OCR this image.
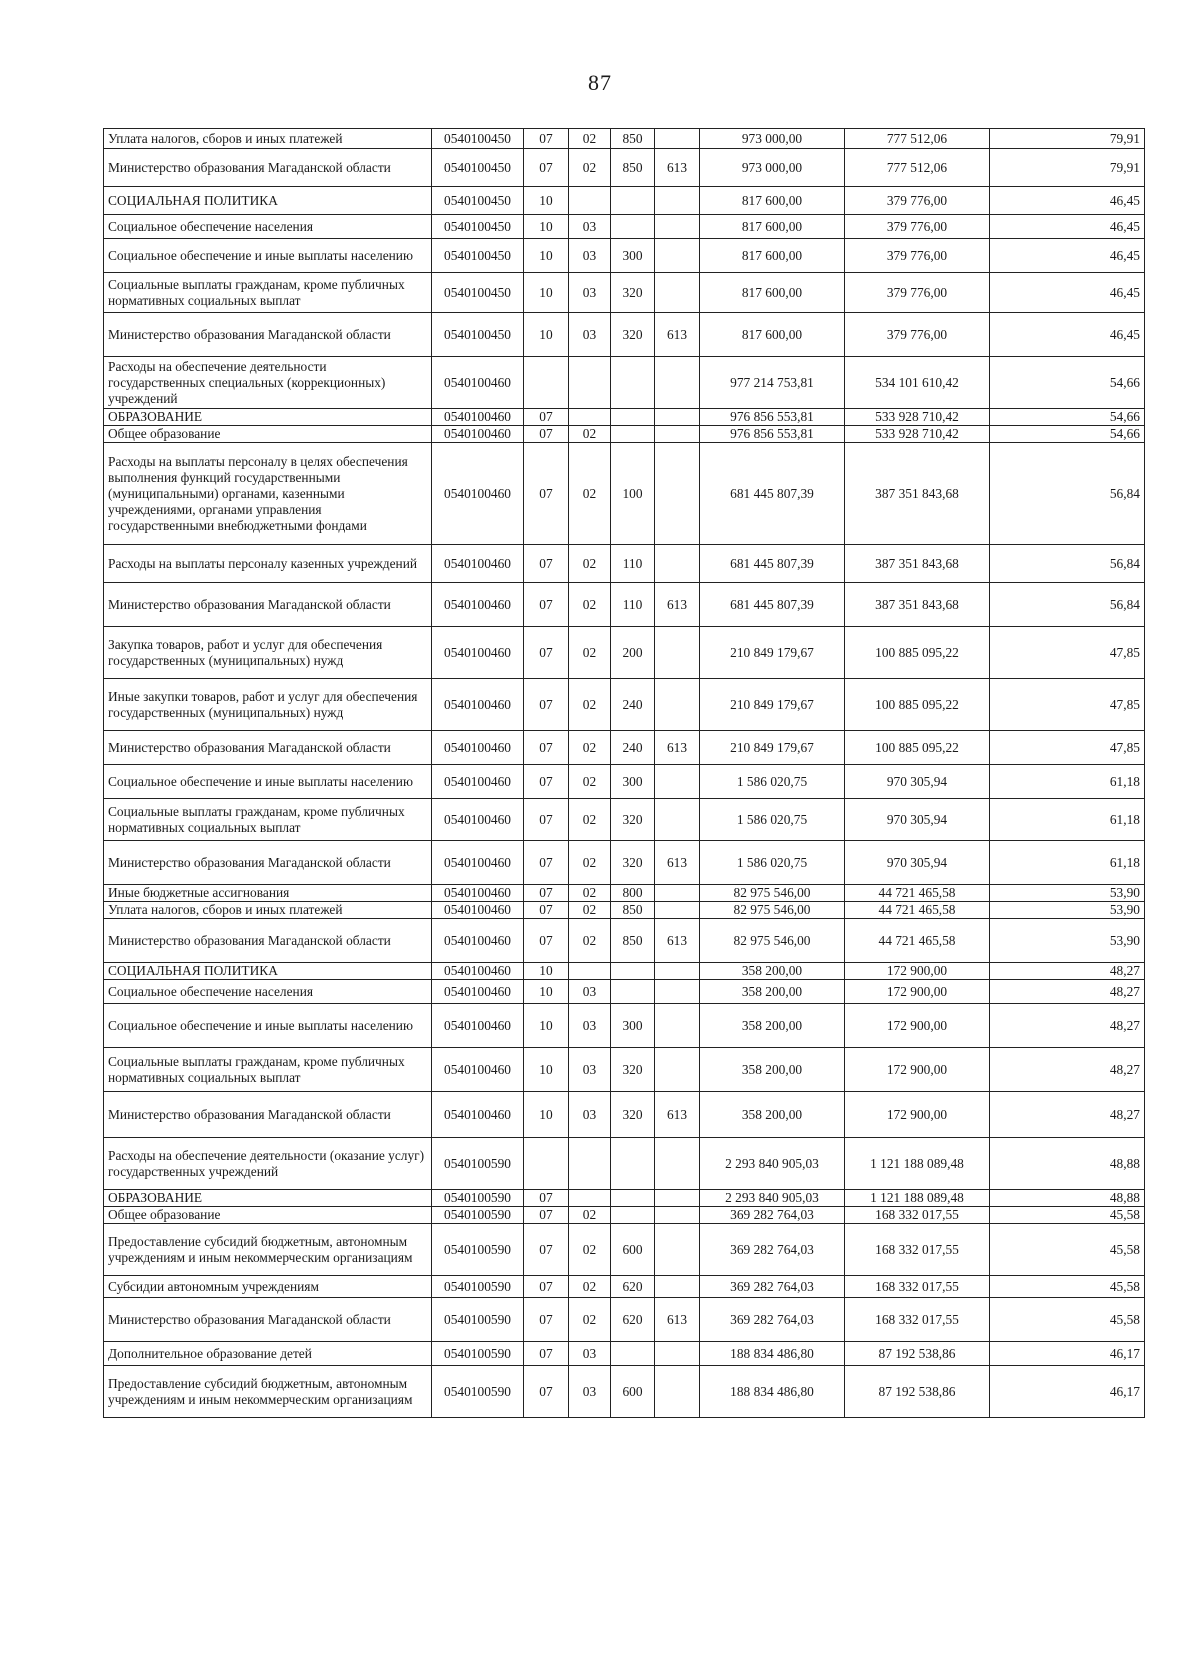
87
Уплата налогов, сборов и иных платежей	0540100450	07	02	850		973 000,00	777 512,06	79,91
Министерство образования Магаданской области	0540100450	07	02	850	613	973 000,00	777 512,06	79,91
СОЦИАЛЬНАЯ ПОЛИТИКА	0540100450	10				817 600,00	379 776,00	46,45
Социальное обеспечение населения	0540100450	10	03			817 600,00	379 776,00	46,45
Социальное обеспечение и иные выплаты населению	0540100450	10	03	300		817 600,00	379 776,00	46,45
Социальные выплаты гражданам, кроме публичных нормативных социальных выплат	0540100450	10	03	320		817 600,00	379 776,00	46,45
Министерство образования Магаданской области	0540100450	10	03	320	613	817 600,00	379 776,00	46,45
Расходы на обеспечение деятельности государственных специальных (коррекционных) учреждений	0540100460					977 214 753,81	534 101 610,42	54,66
ОБРАЗОВАНИЕ	0540100460	07				976 856 553,81	533 928 710,42	54,66
Общее образование	0540100460	07	02			976 856 553,81	533 928 710,42	54,66
Расходы на выплаты персоналу в целях обеспечения выполнения функций государственными (муниципальными) органами, казенными учреждениями, органами управления государственными внебюджетными фондами	0540100460	07	02	100		681 445 807,39	387 351 843,68	56,84
Расходы на выплаты персоналу казенных учреждений	0540100460	07	02	110		681 445 807,39	387 351 843,68	56,84
Министерство образования Магаданской области	0540100460	07	02	110	613	681 445 807,39	387 351 843,68	56,84
Закупка товаров, работ и услуг для обеспечения государственных (муниципальных) нужд	0540100460	07	02	200		210 849 179,67	100 885 095,22	47,85
Иные закупки товаров, работ и услуг для обеспечения государственных (муниципальных) нужд	0540100460	07	02	240		210 849 179,67	100 885 095,22	47,85
Министерство образования Магаданской области	0540100460	07	02	240	613	210 849 179,67	100 885 095,22	47,85
Социальное обеспечение и иные выплаты населению	0540100460	07	02	300		1 586 020,75	970 305,94	61,18
Социальные выплаты гражданам, кроме публичных нормативных социальных выплат	0540100460	07	02	320		1 586 020,75	970 305,94	61,18
Министерство образования Магаданской области	0540100460	07	02	320	613	1 586 020,75	970 305,94	61,18
Иные бюджетные ассигнования	0540100460	07	02	800		82 975 546,00	44 721 465,58	53,90
Уплата налогов, сборов и иных платежей	0540100460	07	02	850		82 975 546,00	44 721 465,58	53,90
Министерство образования Магаданской области	0540100460	07	02	850	613	82 975 546,00	44 721 465,58	53,90
СОЦИАЛЬНАЯ ПОЛИТИКА	0540100460	10				358 200,00	172 900,00	48,27
Социальное обеспечение населения	0540100460	10	03			358 200,00	172 900,00	48,27
Социальное обеспечение и иные выплаты населению	0540100460	10	03	300		358 200,00	172 900,00	48,27
Социальные выплаты гражданам, кроме публичных нормативных социальных выплат	0540100460	10	03	320		358 200,00	172 900,00	48,27
Министерство образования Магаданской области	0540100460	10	03	320	613	358 200,00	172 900,00	48,27
Расходы на обеспечение деятельности (оказание услуг) государственных учреждений	0540100590					2 293 840 905,03	1 121 188 089,48	48,88
ОБРАЗОВАНИЕ	0540100590	07				2 293 840 905,03	1 121 188 089,48	48,88
Общее образование	0540100590	07	02			369 282 764,03	168 332 017,55	45,58
Предоставление субсидий бюджетным, автономным учреждениям и иным некоммерческим организациям	0540100590	07	02	600		369 282 764,03	168 332 017,55	45,58
Субсидии автономным учреждениям	0540100590	07	02	620		369 282 764,03	168 332 017,55	45,58
Министерство образования Магаданской области	0540100590	07	02	620	613	369 282 764,03	168 332 017,55	45,58
Дополнительное образование детей	0540100590	07	03			188 834 486,80	87 192 538,86	46,17
Предоставление субсидий бюджетным, автономным учреждениям и иным некоммерческим организациям	0540100590	07	03	600		188 834 486,80	87 192 538,86	46,17
